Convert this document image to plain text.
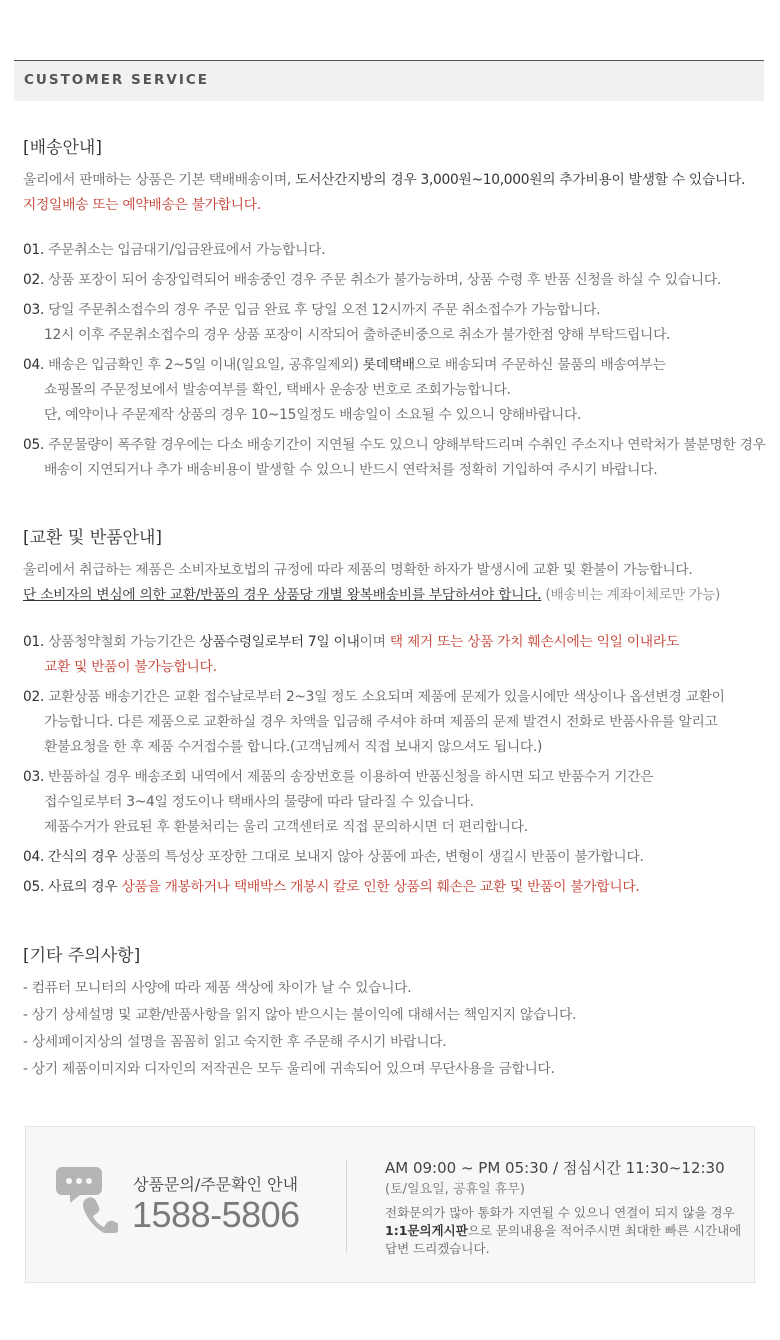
CUSTOMER SERVICE
[배송안내]
울리에서 판매하는 상품은 기본 택배배송이며, 도서산간지방의 경우 3,000원~10,000원의 추가비용이 발생할 수 있습니다.
지정일배송 또는 예약배송은 불가합니다.
01. 주문취소는 입금대기/입금완료에서 가능합니다.
02. 상품 포장이 되어 송장입력되어 배송중인 경우 주문 취소가 불가능하며, 상품 수령 후 반품 신청을 하실 수 있습니다.
03. 당일 주문취소접수의 경우 주문 입금 완료 후 당일 오전 12시까지 주문 취소접수가 가능합니다.
12시 이후 주문취소접수의 경우 상품 포장이 시작되어 출하준비중으로 취소가 불가한점 양해 부탁드립니다.
04. 배송은 입금확인 후 2~5일 이내(일요일, 공휴일제외) 롯데택배으로 배송되며 주문하신 물품의 배송여부는
쇼핑몰의 주문정보에서 발송여부를 확인, 택배사 운송장 번호로 조회가능합니다.
단, 예약이나 주문제작 상품의 경우 10~15일정도 배송일이 소요될 수 있으니 양해바랍니다.
05. 주문물량이 폭주할 경우에는 다소 배송기간이 지연될 수도 있으니 양해부탁드리며 수취인 주소지나 연락처가 불분명한 경우
배송이 지연되거나 추가 배송비용이 발생할 수 있으니 반드시 연락처를 정확히 기입하여 주시기 바랍니다.
[교환 및 반품안내]
울리에서 취급하는 제품은 소비자보호법의 규정에 따라 제품의 명확한 하자가 발생시에 교환 및 환불이 가능합니다.
단 소비자의 변심에 의한 교환/반품의 경우 상품당 개별 왕복배송비를 부담하셔야 합니다. (배송비는 계좌이체로만 가능)
01. 상품청약철회 가능기간은 상품수령일로부터 7일 이내이며 택 제거 또는 상품 가치 훼손시에는 익일 이내라도
교환 및 반품이 불가능합니다.
02. 교환상품 배송기간은 교환 접수날로부터 2~3일 정도 소요되며 제품에 문제가 있을시에만 색상이나 옵션변경 교환이
가능합니다. 다른 제품으로 교환하실 경우 차액을 입금해 주셔야 하며 제품의 문제 발견시 전화로 반품사유를 알리고
환불요청을 한 후 제품 수거접수를 합니다.(고객님께서 직접 보내지 않으셔도 됩니다.)
03. 반품하실 경우 배송조회 내역에서 제품의 송장번호를 이용하여 반품신청을 하시면 되고 반품수거 기간은
접수일로부터 3~4일 정도이나 택배사의 물량에 따라 달라질 수 있습니다.
제품수거가 완료된 후 환불처리는 울리 고객센터로 직접 문의하시면 더 편리합니다.
04. 간식의 경우 상품의 특성상 포장한 그대로 보내지 않아 상품에 파손, 변형이 생길시 반품이 불가합니다.
05. 사료의 경우 상품을 개봉하거나 택배박스 개봉시 칼로 인한 상품의 훼손은 교환 및 반품이 불가합니다.
[기타 주의사항]
- 컴퓨터 모니터의 사양에 따라 제품 색상에 차이가 날 수 있습니다.
- 상기 상세설명 및 교환/반품사항을 읽지 않아 받으시는 불이익에 대해서는 책임지지 않습니다.
- 상세페이지상의 설명을 꼼꼼히 읽고 숙지한 후 주문해 주시기 바랍니다.
- 상기 제품이미지와 디자인의 저작권은 모두 울리에 귀속되어 있으며 무단사용을 금합니다.
상품문의/주문확인 안내
1588-5806
AM 09:00 ~ PM 05:30 / 점심시간 11:30~12:30
(토/일요일, 공휴일 휴무)
전화문의가 많아 통화가 지연될 수 있으니 연결이 되지 않을 경우
1:1문의게시판으로 문의내용을 적어주시면 최대한 빠른 시간내에
답변 드리겠습니다.
